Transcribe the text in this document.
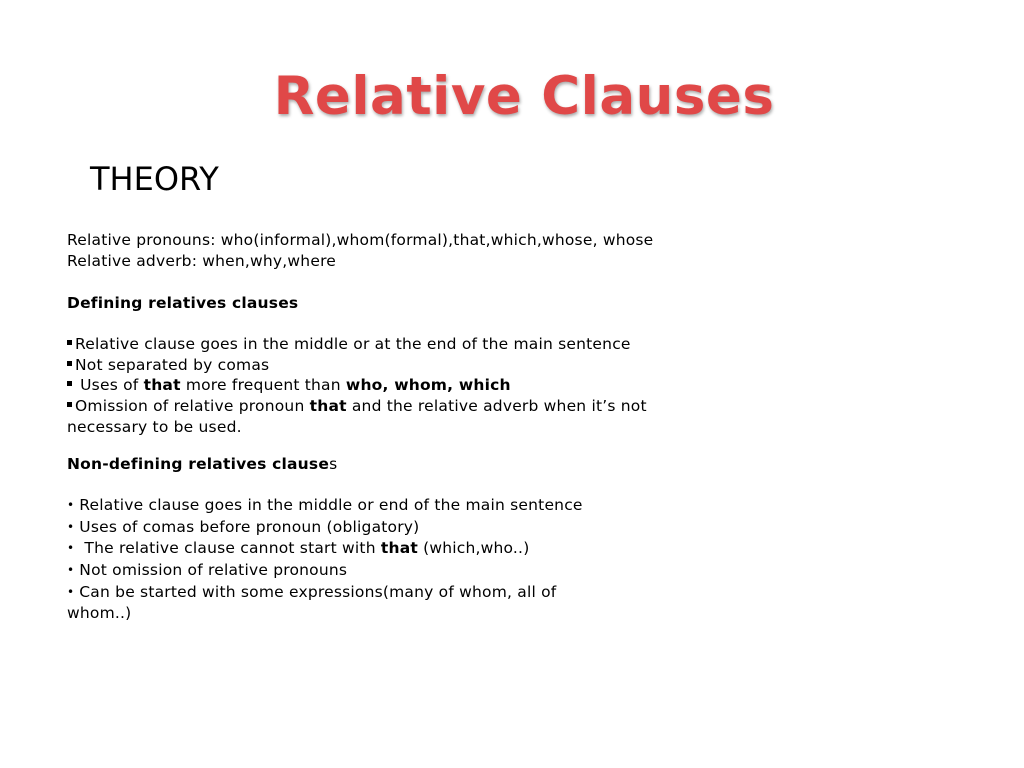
Relative Clauses
THEORY
Relative pronouns: who(informal),whom(formal),that,which,whose, whose
Relative adverb: when,why,where
Defining relatives clauses
Relative clause goes in the middle or at the end of the main sentence
Not separated by comas
Uses of that more frequent than who, whom, which
Omission of relative pronoun that and the relative adverb when it’s not necessary to be used.
Non-defining relatives clauses
• Relative clause goes in the middle or end of the main sentence
• Uses of comas before pronoun (obligatory)
• The relative clause cannot start with that (which,who..)
• Not omission of relative pronouns
• Can be started with some expressions(many of whom, all of whom..)
